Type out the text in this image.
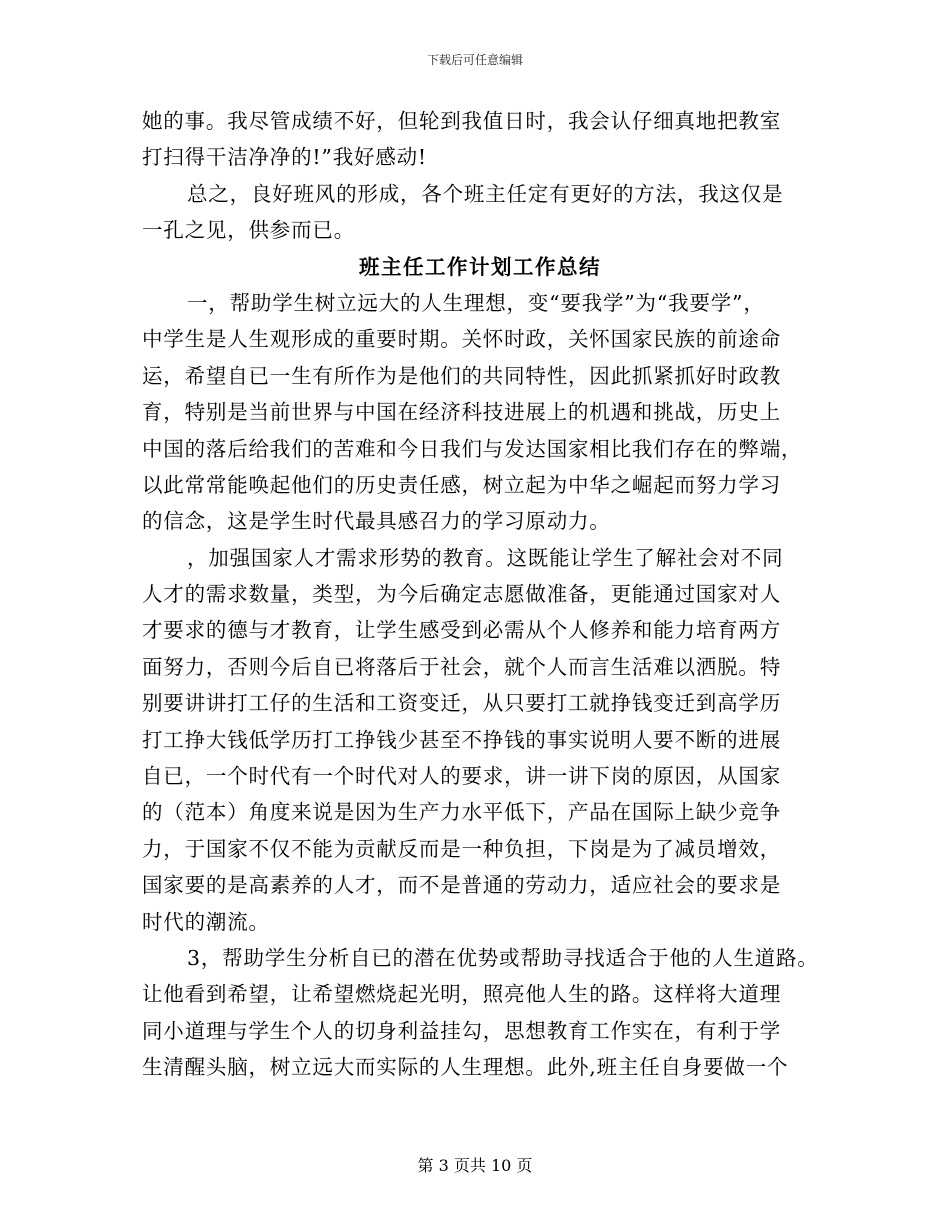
下载后可任意编辑
她的事。我尽管成绩不好，但轮到我值日时，我会认仔细真地把教室
打扫得干洁净净的!”我好感动!
总之，良好班风的形成，各个班主任定有更好的方法，我这仅是
一孔之见，供参而已。
班主任工作计划工作总结
一，帮助学生树立远大的人生理想，变“要我学”为“我要学”，
中学生是人生观形成的重要时期。关怀时政，关怀国家民族的前途命
运，希望自已一生有所作为是他们的共同特性，因此抓紧抓好时政教
育，特别是当前世界与中国在经济科技进展上的机遇和挑战，历史上
中国的落后给我们的苦难和今日我们与发达国家相比我们存在的弊端，
以此常常能唤起他们的历史责任感，树立起为中华之崛起而努力学习
的信念，这是学生时代最具感召力的学习原动力。
，加强国家人才需求形势的教育。这既能让学生了解社会对不同
人才的需求数量，类型，为今后确定志愿做准备，更能通过国家对人
才要求的德与才教育，让学生感受到必需从个人修养和能力培育两方
面努力，否则今后自已将落后于社会，就个人而言生活难以洒脱。特
别要讲讲打工仔的生活和工资变迁，从只要打工就挣钱变迁到高学历
打工挣大钱低学历打工挣钱少甚至不挣钱的事实说明人要不断的进展
自已，一个时代有一个时代对人的要求，讲一讲下岗的原因，从国家
的（范本）角度来说是因为生产力水平低下，产品在国际上缺少竞争
力，于国家不仅不能为贡献反而是一种负担，下岗是为了减员增效，
国家要的是高素养的人才，而不是普通的劳动力，适应社会的要求是
时代的潮流。
3，帮助学生分析自已的潜在优势或帮助寻找适合于他的人生道路。
让他看到希望，让希望燃烧起光明，照亮他人生的路。这样将大道理
同小道理与学生个人的切身利益挂勾，思想教育工作实在，有利于学
生清醒头脑，树立远大而实际的人生理想。此外,班主任自身要做一个
第 3 页共 10 页
